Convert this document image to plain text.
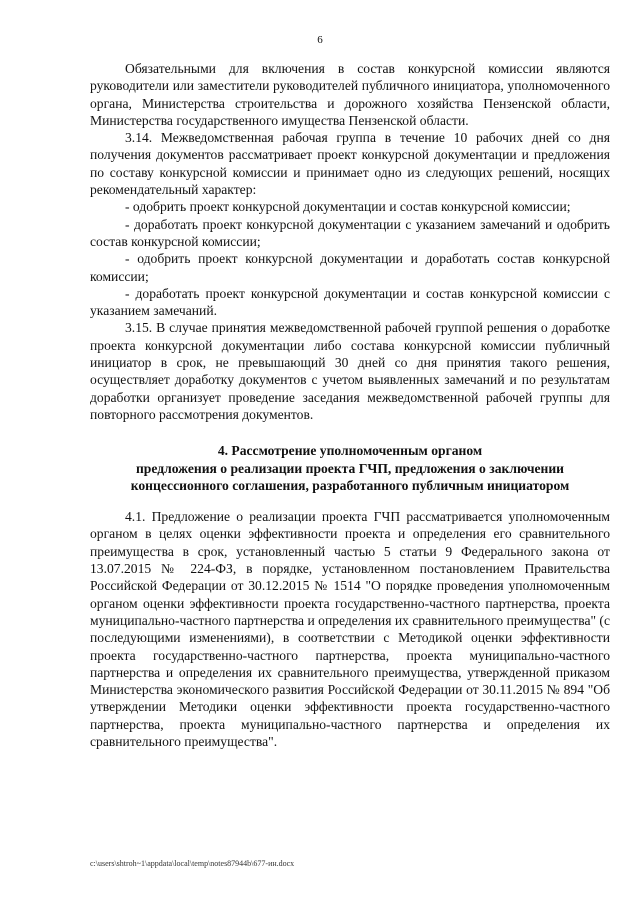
6

Обязательными для включения в состав конкурсной комиссии являются руководители или заместители руководителей публичного инициатора, уполномоченного органа, Министерства строительства и дорожного хозяйства Пензенской области, Министерства государственного имущества Пензенской области.

3.14. Межведомственная рабочая группа в течение 10 рабочих дней со дня получения документов рассматривает проект конкурсной документации и предложения по составу конкурсной комиссии и принимает одно из следующих решений, носящих рекомендательный характер:

- одобрить проект конкурсной документации и состав конкурсной комиссии;

- доработать проект конкурсной документации с указанием замечаний и одобрить состав конкурсной комиссии;

- одобрить проект конкурсной документации и доработать состав конкурсной комиссии;

- доработать проект конкурсной документации и состав конкурсной комиссии с указанием замечаний.

3.15. В случае принятия межведомственной рабочей группой решения о доработке проекта конкурсной документации либо состава конкурсной комиссии публичный инициатор в срок, не превышающий 30 дней со дня принятия такого решения, осуществляет доработку документов с учетом выявленных замечаний и по результатам доработки организует проведение заседания межведомственной рабочей группы для повторного рассмотрения документов.

4. Рассмотрение уполномоченным органом
предложения о реализации проекта ГЧП, предложения о заключении
концессионного соглашения, разработанного публичным инициатором

4.1. Предложение о реализации проекта ГЧП рассматривается уполномоченным органом в целях оценки эффективности проекта и определения его сравнительного преимущества в срок, установленный частью 5 статьи 9 Федерального закона от 13.07.2015 № 224-ФЗ, в порядке, установленном постановлением Правительства Российской Федерации от 30.12.2015 № 1514 "О порядке проведения уполномоченным органом оценки эффективности проекта государственно-частного партнерства, проекта муниципально-частного партнерства и определения их сравнительного преимущества" (с последующими изменениями), в соответствии с Методикой оценки эффективности проекта государственно-частного партнерства, проекта муниципально-частного партнерства и определения их сравнительного преимущества, утвержденной приказом Министерства экономического развития Российской Федерации от 30.11.2015 № 894 "Об утверждении Методики оценки эффективности проекта государственно-частного партнерства, проекта муниципально-частного партнерства и определения их сравнительного преимущества".

c:\users\shtroh~1\appdata\local\temp\notes87944b\677-ин.docx
